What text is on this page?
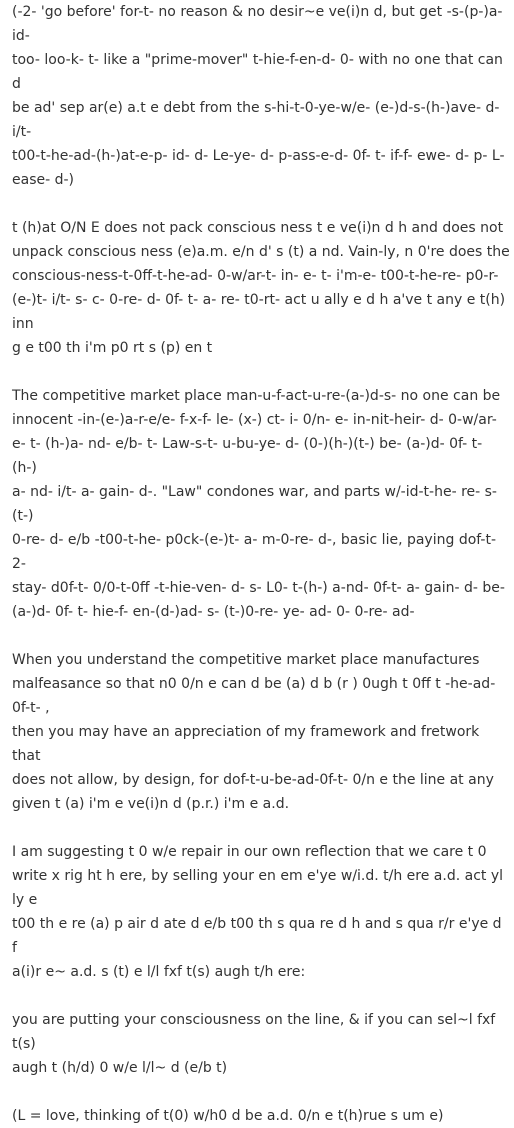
(-2- 'go before' for-t- no reason & no desir~e ve(i)n d, but get -s-(p-)a-id-
too- loo-k- t- like a "prime-mover" t-hie-f-en-d- 0- with no one that can d
be ad' sep ar(e) a.t e debt from the s-hi-t-0-ye-w/e- (e-)d-s-(h-)ave- d- i/t-
t00-t-he-ad-(h-)at-e-p- id- d- Le-ye- d- p-ass-e-d- 0f- t- if-f- ewe- d- p- L-
ease- d-)

t (h)at O/N E does not pack conscious ness t e ve(i)n d h and does not
unpack conscious ness (e)a.m. e/n d' s (t) a nd. Vain-ly, n 0're does the
conscious-ness-t-0ff-t-he-ad- 0-w/ar-t- in- e- t- i'm-e- t00-t-he-re- p0-r-
(e-)t- i/t- s- c- 0-re- d- 0f- t- a- re- t0-rt- act u ally e d h a've t any e t(h) inn
g e t00 th i'm p0 rt s (p) en t

The competitive market place man-u-f-act-u-re-(a-)d-s- no one can be
innocent -in-(e-)a-r-e/e- f-x-f- le- (x-) ct- i- 0/n- e- in-nit-heir- d- 0-w/ar-
e- t- (h-)a- nd- e/b- t- Law-s-t- u-bu-ye- d- (0-)(h-)(t-) be- (a-)d- 0f- t- (h-)
a- nd- i/t- a- gain- d-. "Law" condones war, and parts w/-id-t-he- re- s- (t-)
0-re- d- e/b -t00-t-he- p0ck-(e-)t- a- m-0-re- d-, basic lie, paying dof-t- 2-
stay- d0f-t- 0/0-t-0ff -t-hie-ven- d- s- L0- t-(h-) a-nd- 0f-t- a- gain- d- be-
(a-)d- 0f- t- hie-f- en-(d-)ad- s- (t-)0-re- ye- ad- 0- 0-re- ad-

When you understand the competitive market place manufactures
malfeasance so that n0 0/n e can d be (a) d b (r ) 0ugh t 0ff t -he-ad-0f-t- ,
then you may have an appreciation of my framework and fretwork that
does not allow, by design, for dof-t-u-be-ad-0f-t- 0/n e the line at any
given t (a) i'm e ve(i)n d (p.r.) i'm e a.d.

I am suggesting t 0 w/e repair in our own reflection that we care t 0
write x rig ht h ere, by selling your en em e'ye w/i.d. t/h ere a.d. act yl ly e
t00 th e re (a) p air d ate d e/b t00 th s qua re d h and s qua r/r e'ye d f
a(i)r e~ a.d. s (t) e l/l fxf t(s) augh t/h ere:

you are putting your consciousness on the line, & if you can sel~l fxf t(s)
augh t (h/d) 0 w/e l/l~ d (e/b t)

(L = love, thinking of t(0) w/h0 d be a.d. 0/n e t(h)rue s um e)
